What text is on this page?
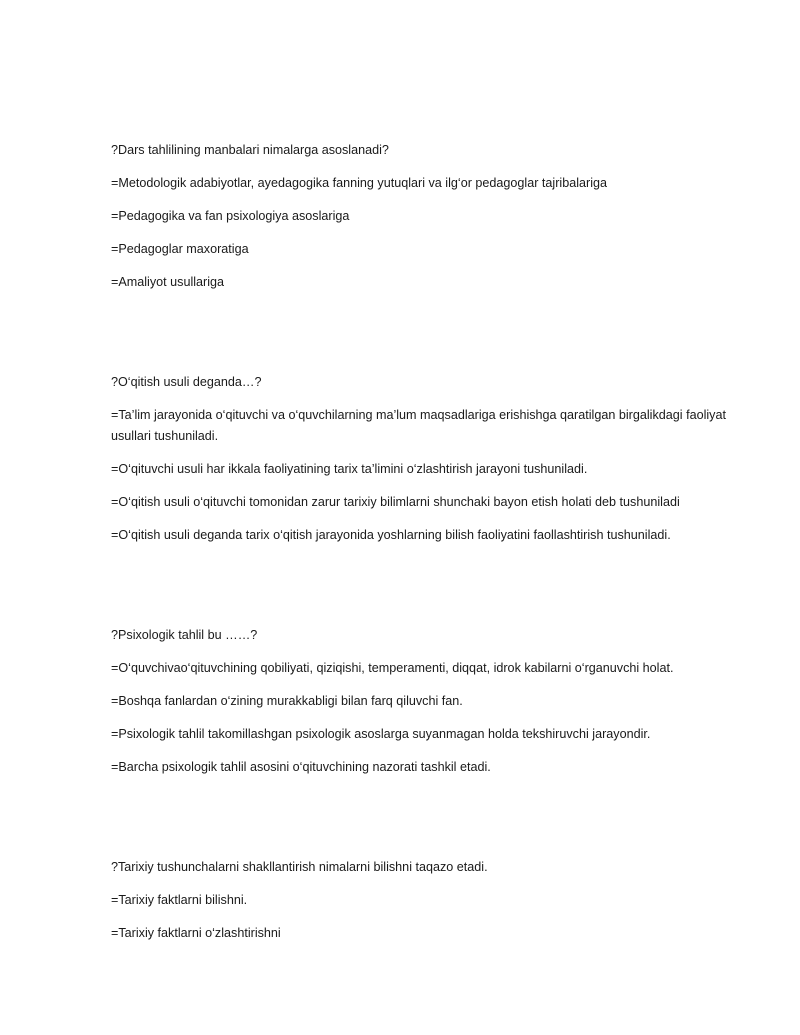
?Dars tahlilining manbalari nimalarga asoslanadi?
=Metodologik adabiyotlar, ayedagogika fanning yutuqlari va ilg‘or pedagoglar tajribalariga
=Pedagogika va fan psixologiya asoslariga
=Pedagoglar maxoratiga
=Amaliyot usullariga
?O‘qitish usuli deganda…?
=Ta’lim jarayonida o‘qituvchi va o‘quvchilarning ma’lum maqsadlariga erishishga qaratilgan birgalikdagi faoliyat usullari tushuniladi.
=O‘qituvchi usuli har ikkala faoliyatining tarix ta’limini o‘zlashtirish jarayoni tushuniladi.
=O‘qitish usuli o‘qituvchi tomonidan zarur tarixiy bilimlarni shunchaki bayon etish holati deb tushuniladi
=O‘qitish usuli deganda tarix o‘qitish jarayonida yoshlarning bilish faoliyatini faollashtirish tushuniladi.
?Psixologik tahlil bu ……?
=O‘quvchivao‘qituvchining qobiliyati, qiziqishi, temperamenti, diqqat, idrok kabilarni o‘rganuvchi holat.
=Boshqa fanlardan o‘zining murakkabligi bilan farq qiluvchi fan.
=Psixologik tahlil takomillashgan psixologik asoslarga suyanmagan holda tekshiruvchi jarayondir.
=Barcha psixologik tahlil asosini o‘qituvchining nazorati tashkil etadi.
?Tarixiy tushunchalarni shakllantirish nimalarni bilishni taqazo etadi.
=Tarixiy faktlarni bilishni.
=Tarixiy faktlarni o‘zlashtirishni
